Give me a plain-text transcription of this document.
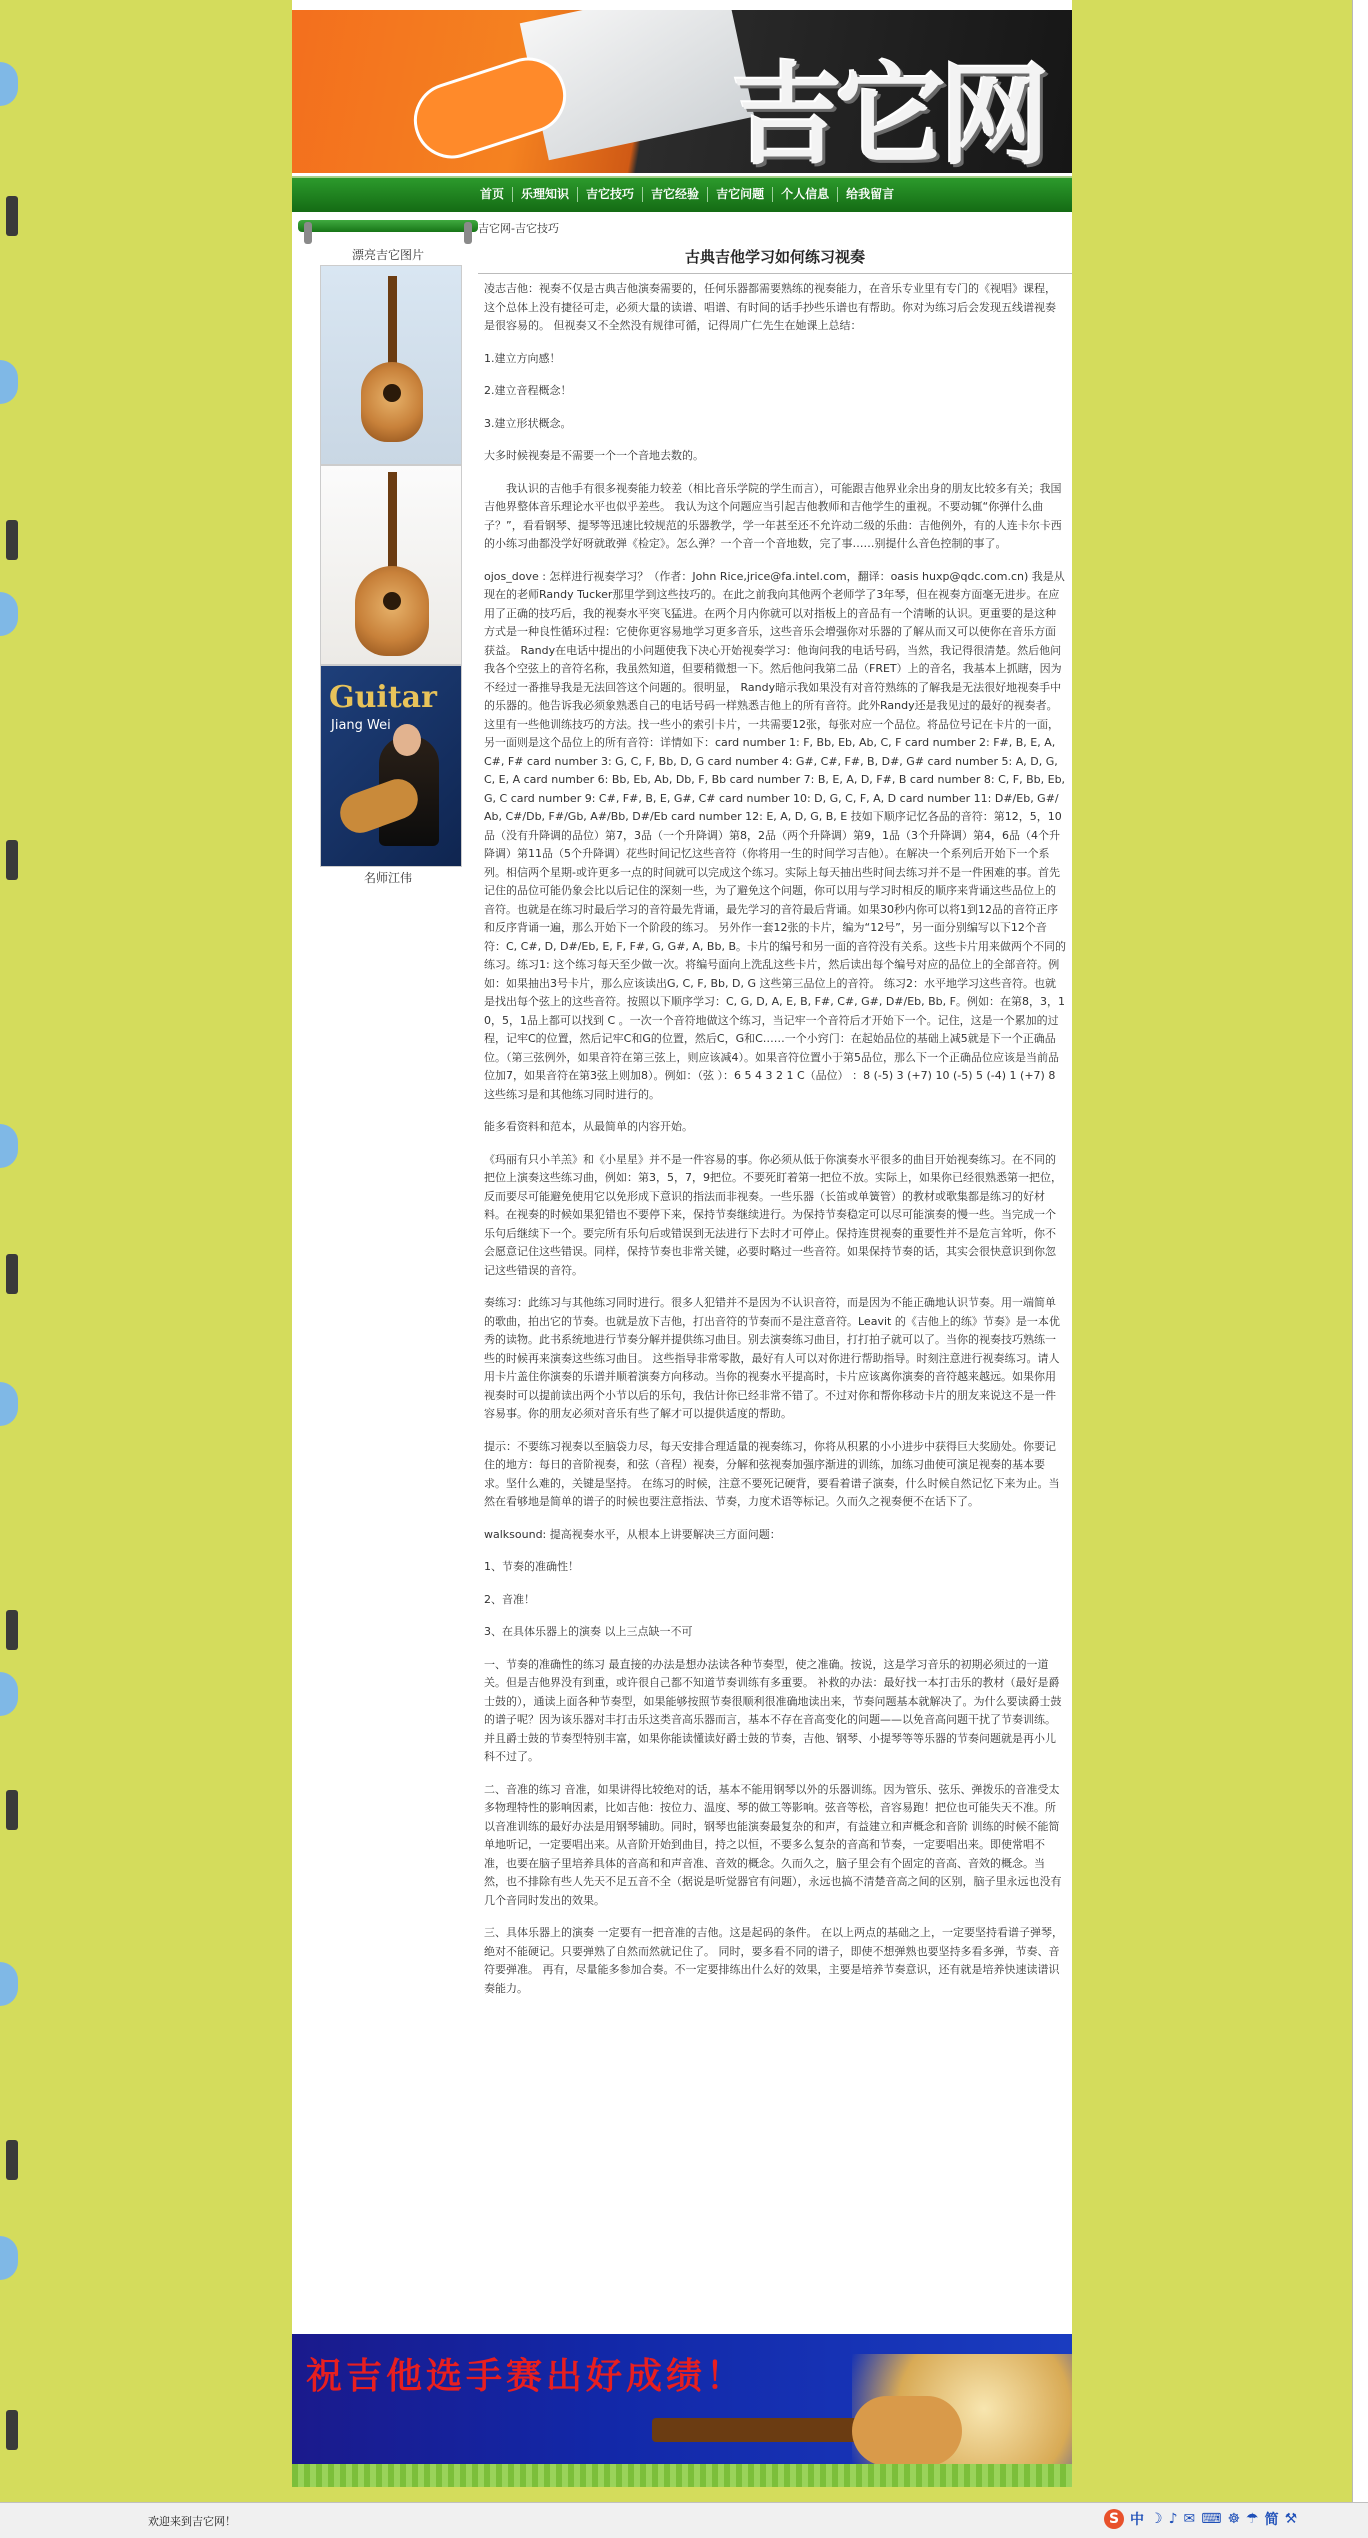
吉它网
首页	乐理知识	吉它技巧	吉它经验	吉它问题	个人信息	给我留言
漂亮吉它图片
Guitar
Jiang Wei
名师江伟
吉它网-吉它技巧
古典吉他学习如何练习视奏

凌志吉他：视奏不仅是古典吉他演奏需要的，任何乐器都需要熟练的视奏能力，在音乐专业里有专门的《视唱》课程，这个总体上没有捷径可走，必须大量的读谱、唱谱、有时间的话手抄些乐谱也有帮助。你对为练习后会发现五线谱视奏是很容易的。 但视奏又不全然没有规律可循，记得周广仁先生在她课上总结：

1.建立方向感！

2.建立音程概念！

3.建立形状概念。

大多时候视奏是不需要一个一个音地去数的。

我认识的吉他手有很多视奏能力较差（相比音乐学院的学生而言），可能跟吉他界业余出身的朋友比较多有关；我国吉他界整体音乐理论水平也似乎差些。 我认为这个问题应当引起吉他教师和吉他学生的重视。不要动辄“你弹什么曲子？”，看看钢琴、提琴等迅速比较规范的乐器教学，学一年甚至还不允许动二级的乐曲：吉他例外，有的人连卡尔卡西的小练习曲都没学好呀就敢弹《检定》。怎么弹？一个音一个音地数，完了事……别提什么音色控制的事了。

ojos_dove : 怎样进行视奏学习？（作者：John Rice,jrice@fa.intel.com，翻译：oasis huxp@qdc.com.cn) 我是从现在的老师Randy Tucker那里学到这些技巧的。在此之前我向其他两个老师学了3年琴，但在视奏方面毫无进步。在应用了正确的技巧后，我的视奏水平突飞猛进。在两个月内你就可以对指板上的音品有一个清晰的认识。更重要的是这种方式是一种良性循环过程：它使你更容易地学习更多音乐，这些音乐会增强你对乐器的了解从而又可以使你在音乐方面获益。 Randy在电话中提出的小问题使我下决心开始视奏学习：他询问我的电话号码，当然，我记得很清楚。然后他问我各个空弦上的音符名称，我虽然知道，但要稍微想一下。然后他问我第二品（FRET）上的音名，我基本上抓瞎，因为不经过一番推导我是无法回答这个问题的。很明显， Randy暗示我如果没有对音符熟练的了解我是无法很好地视奏手中的乐器的。他告诉我必须象熟悉自己的电话号码一样熟悉吉他上的所有音符。此外Randy还是我见过的最好的视奏者。这里有一些他训练技巧的方法。找一些小的索引卡片，一共需要12张，每张对应一个品位。将品位号记在卡片的一面，另一面则是这个品位上的所有音符：详情如下：card number 1: F, Bb, Eb, Ab, C, F card number 2: F#, B, E, A, C#, F# card number 3: G, C, F, Bb, D, G card number 4: G#, C#, F#, B, D#, G# card number 5: A, D, G, C, E, A card number 6: Bb, Eb, Ab, Db, F, Bb card number 7: B, E, A, D, F#, B card number 8: C, F, Bb, Eb, G, C card number 9: C#, F#, B, E, G#, C# card number 10: D, G, C, F, A, D card number 11: D#/Eb, G#/Ab, C#/Db, F#/Gb, A#/Bb, D#/Eb card number 12: E, A, D, G, B, E 技如下顺序记忆各品的音符：第12，5，10品（没有升降调的品位）第7，3品（一个升降调）第8，2品（两个升降调）第9，1品（3个升降调）第4，6品（4个升降调）第11品（5个升降调）花些时间记忆这些音符（你将用一生的时间学习吉他）。在解决一个系列后开始下一个系列。相信两个星期-或许更多一点的时间就可以完成这个练习。实际上每天抽出些时间去练习并不是一件困难的事。首先记住的品位可能仍象会比以后记住的深刻一些，为了避免这个问题，你可以用与学习时相反的顺序来背诵这些品位上的音符。也就是在练习时最后学习的音符最先背诵，最先学习的音符最后背诵。如果30秒内你可以将1到12品的音符正序和反序背诵一遍，那么开始下一个阶段的练习。 另外作一套12张的卡片，编为“12号”，另一面分别编写以下12个音符：C, C#, D, D#/Eb, E, F, F#, G, G#, A, Bb, B。卡片的编号和另一面的音符没有关系。这些卡片用来做两个不同的练习。练习1: 这个练习每天至少做一次。将编号面向上洗乱这些卡片，然后读出每个编号对应的品位上的全部音符。例如：如果抽出3号卡片，那么应该读出G, C, F, Bb, D, G 这些第三品位上的音符。 练习2：水平地学习这些音符。也就是找出每个弦上的这些音符。按照以下顺序学习：C, G, D, A, E, B, F#, C#, G#, D#/Eb, Bb, F。例如：在第8，3，10，5，1品上都可以找到 C 。一次一个音符地做这个练习，当记牢一个音符后才开始下一个。记住，这是一个累加的过程，记牢C的位置，然后记牢C和G的位置，然后C，G和C……一个小窍门：在起始品位的基础上减5就是下一个正确品位。（第三弦例外，如果音符在第三弦上，则应该减4）。如果音符位置小于第5品位，那么下一个正确品位应该是当前品位加7，如果音符在第3弦上则加8）。例如：（弦 ）：6 5 4 3 2 1 C（品位） ：8 (-5) 3 (+7) 10 (-5) 5 (-4) 1 (+7) 8 这些练习是和其他练习同时进行的。

能多看资料和范本，从最简单的内容开始。

《玛丽有只小羊羔》和《小星星》并不是一件容易的事。你必须从低于你演奏水平很多的曲目开始视奏练习。在不同的把位上演奏这些练习曲，例如：第3，5，7，9把位。不要死盯着第一把位不放。实际上，如果你已经很熟悉第一把位，反而要尽可能避免使用它以免形成下意识的指法而非视奏。一些乐器（长笛或单簧管）的教材或歌集都是练习的好材料。在视奏的时候如果犯错也不要停下来，保持节奏继续进行。为保持节奏稳定可以尽可能演奏的慢一些。当完成一个乐句后继续下一个。要完所有乐句后或错误到无法进行下去时才可停止。保持连贯视奏的重要性并不是危言耸听，你不会愿意记住这些错误。同样，保持节奏也非常关键，必要时略过一些音符。如果保持节奏的话，其实会很快意识到你忽记这些错误的音符。

奏练习：此练习与其他练习同时进行。很多人犯错并不是因为不认识音符，而是因为不能正确地认识节奏。用一端简单的歌曲，拍出它的节奏。也就是放下吉他，打出音符的节奏而不是注意音符。Leavit 的《吉他上的练》节奏》是一本优秀的读物。此书系统地进行节奏分解并提供练习曲目。别去演奏练习曲目，打打拍子就可以了。当你的视奏技巧熟练一些的时候再来演奏这些练习曲目。 这些指导非常零散，最好有人可以对你进行帮助指导。时刻注意进行视奏练习。请人用卡片盖住你演奏的乐谱并顺着演奏方向移动。当你的视奏水平提高时，卡片应该离你演奏的音符越来越远。如果你用视奏时可以提前读出两个小节以后的乐句，我估计你已经非常不错了。不过对你和帮你移动卡片的朋友来说这不是一件容易事。你的朋友必须对音乐有些了解才可以提供适度的帮助。

提示：不要练习视奏以至脑袋力尽，每天安排合理适量的视奏练习，你将从积累的小小进步中获得巨大奖励处。你要记住的地方：每日的音阶视奏，和弦（音程）视奏，分解和弦视奏加强序渐进的训练，加练习曲使可演足视奏的基本要求。坚什么难的，关键是坚持。 在练习的时候，注意不要死记硬背，要看着谱子演奏，什么时候自然记忆下来为止。当然在看够地是简单的谱子的时候也要注意指法、节奏，力度术语等标记。久而久之视奏便不在话下了。

walksound: 提高视奏水平，从根本上讲要解决三方面问题：

1、节奏的准确性！

2、音准！

3、在具体乐器上的演奏 以上三点缺一不可

一、节奏的准确性的练习 最直接的办法是想办法读各种节奏型，使之准确。按说，这是学习音乐的初期必须过的一道关。但是吉他界没有到重，或许很自己都不知道节奏训练有多重要。 补救的办法：最好找一本打击乐的教材（最好是爵士鼓的），通读上面各种节奏型，如果能够按照节奏很顺利很准确地读出来，节奏问题基本就解决了。为什么要读爵士鼓的谱子呢？因为该乐器对丰打击乐这类音高乐器而言，基本不存在音高变化的问题——以免音高问题干扰了节奏训练。并且爵士鼓的节奏型特别丰富，如果你能读懂读好爵士鼓的节奏，吉他、钢琴、小提琴等等乐器的节奏问题就是再小儿科不过了。

二、音准的练习 音准，如果讲得比较绝对的话，基本不能用钢琴以外的乐器训练。因为管乐、弦乐、弹拨乐的音准受太多物理特性的影响因素，比如吉他：按位力、温度、琴的做工等影响。弦音等松，音容易跑！把位也可能失天不准。所以音准训练的最好办法是用钢琴辅助。同时，钢琴也能演奏最复杂的和声，有益建立和声概念和音阶 训练的时候不能简单地听记，一定要唱出来。从音阶开始到曲目，持之以恒，不要多么复杂的音高和节奏，一定要唱出来。即使常唱不准，也要在脑子里培养具体的音高和和声音准、音效的概念。久而久之，脑子里会有个固定的音高、音效的概念。当然，也不排除有些人先天不足五音不全（据说是听觉器官有问题），永远也搞不清楚音高之间的区别，脑子里永远也没有几个音同时发出的效果。

三、具体乐器上的演奏 一定要有一把音准的吉他。这是起码的条件。 在以上两点的基础之上，一定要坚持看谱子弹琴，绝对不能硬记。只要弹熟了自然而然就记住了。 同时，要多看不同的谱子，即使不想弹熟也要坚持多看多弹，节奏、音符要弹准。 再有，尽量能多参加合奏。不一定要排练出什么好的效果，主要是培养节奏意识，还有就是培养快速读谱识奏能力。

祝吉他选手赛出好成绩！
欢迎来到吉它网！	S 中 ☽ ♪ ✉ ⌨ ☸ ☂ 简 ⚒
